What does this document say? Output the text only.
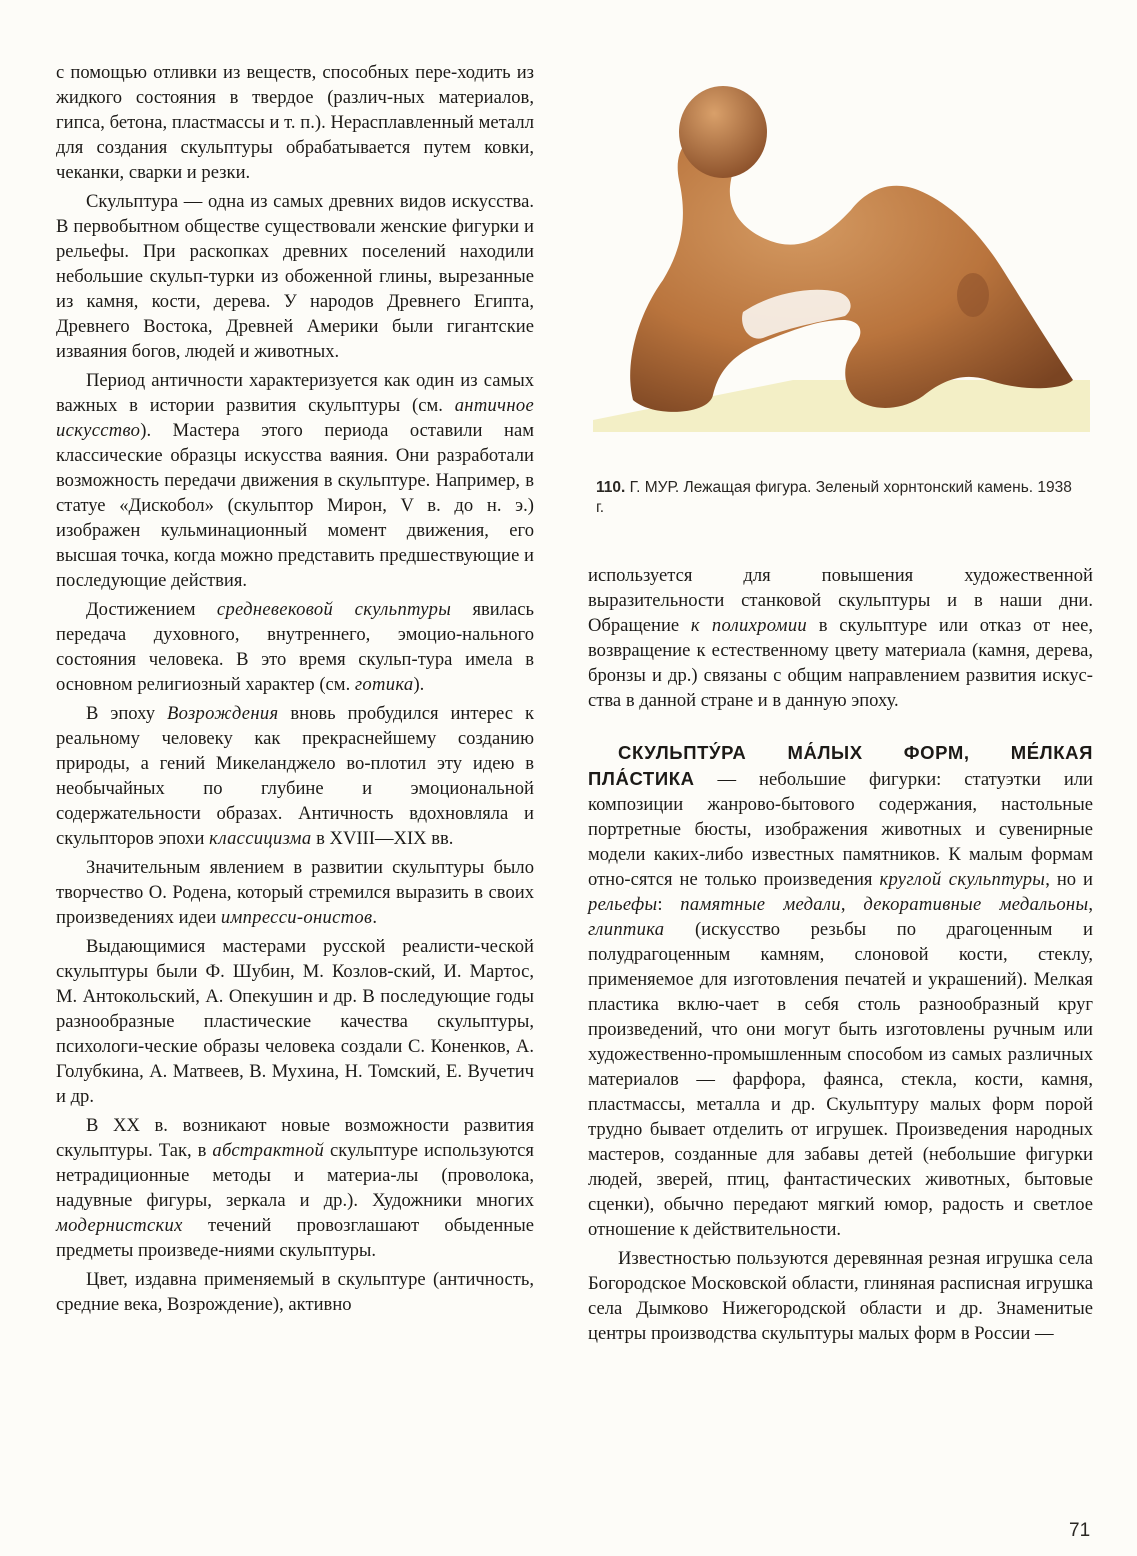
с помощью отливки из веществ, способных пере-ходить из жидкого состояния в твердое (различ-ных материалов, гипса, бетона, пластмассы и т. п.). Нерасплавленный металл для создания скульптуры обрабатывается путем ковки, чеканки, сварки и резки.

Скульптура — одна из самых древних видов искусства. В первобытном обществе существовали женские фигурки и рельефы. При раскопках древних поселений находили небольшие скульп-турки из обоженной глины, вырезанные из камня, кости, дерева. У народов Древнего Египта, Древнего Востока, Древней Америки были гигантские изваяния богов, людей и животных.

Период античности характеризуется как один из самых важных в истории развития скульптуры (см. античное искусство). Мастера этого периода оставили нам классические образцы искусства ваяния. Они разработали возможность передачи движения в скульптуре. Например, в статуе «Дискобол» (скульптор Мирон, V в. до н. э.) изображен кульминационный момент движения, его высшая точка, когда можно представить предшествующие и последующие действия.

Достижением средневековой скульптуры явилась передача духовного, внутреннего, эмоцио-нального состояния человека. В это время скульп-тура имела в основном религиозный характер (см. готика).

В эпоху Возрождения вновь пробудился интерес к реальному человеку как прекраснейшему созданию природы, а гений Микеланджело во-плотил эту идею в необычайных по глубине и эмоциональной содержательности образах. Античность вдохновляла и скульпторов эпохи классицизма в XVIII—XIX вв.

Значительным явлением в развитии скульптуры было творчество О. Родена, который стремился выразить в своих произведениях идеи импресси-онистов.

Выдающимися мастерами русской реалисти-ческой скульптуры были Ф. Шубин, М. Козлов-ский, И. Мартос, М. Антокольский, А. Опекушин и др. В последующие годы разнообразные пластические качества скульптуры, психологи-ческие образы человека создали С. Коненков, А. Голубкина, А. Матвеев, В. Мухина, Н. Томский, Е. Вучетич и др.

В XX в. возникают новые возможности развития скульптуры. Так, в абстрактной скульптуре используются нетрадиционные методы и материа-лы (проволока, надувные фигуры, зеркала и др.). Художники многих модернистских течений провозглашают обыденные предметы произведе-ниями скульптуры.

Цвет, издавна применяемый в скульптуре (античность, средние века, Возрождение), активно

110. Г. МУР. Лежащая фигура. Зеленый хорнтонский камень. 1938 г.

используется для повышения художественной выразительности станковой скульптуры и в наши дни. Обращение к полихромии в скульптуре или отказ от нее, возвращение к естественному цвету материала (камня, дерева, бронзы и др.) связаны с общим направлением развития искус-ства в данной стране и в данную эпоху.

СКУЛЬПТУ́РА МА́ЛЫХ ФОРМ, МЕ́ЛКАЯ ПЛА́СТИКА — небольшие фигурки: статуэтки или композиции жанрово-бытового содержания, настольные портретные бюсты, изображения животных и сувенирные модели каких-либо известных памятников. К малым формам отно-сятся не только произведения круглой скульптуры, но и рельефы: памятные медали, декоративные медальоны, глиптика (искусство резьбы по драгоценным и полудрагоценным камням, слоновой кости, стеклу, применяемое для изготовления печатей и украшений). Мелкая пластика вклю-чает в себя столь разнообразный круг произведений, что они могут быть изготовлены ручным или художественно-промышленным способом из самых различных материалов — фарфора, фаянса, стекла, кости, камня, пластмассы, металла и др. Скульптуру малых форм порой трудно бывает отделить от игрушек. Произведения народных мастеров, созданные для забавы детей (небольшие фигурки людей, зверей, птиц, фантастических животных, бытовые сценки), обычно передают мягкий юмор, радость и светлое отношение к действительности.

Известностью пользуются деревянная резная игрушка села Богородское Московской области, глиняная расписная игрушка села Дымково Нижегородской области и др. Знаменитые центры производства скульптуры малых форм в России —

71
